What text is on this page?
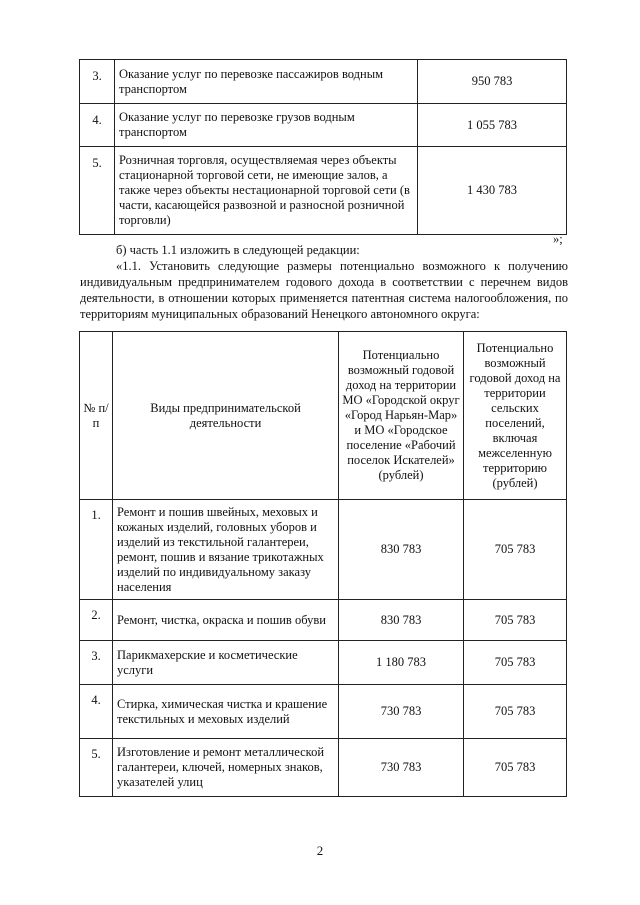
3.	Оказание услуг по перевозке пассажиров водным транспортом	950 783
4.	Оказание услуг по перевозке грузов водным транспортом	1 055 783
5.	Розничная торговля, осуществляемая через объекты стационарной торговой сети, не имеющие залов, а также через объекты нестационарной торговой сети (в части, касающейся развозной и разносной розничной торговли)	1 430 783
»;
б) часть 1.1 изложить в следующей редакции:
«1.1. Установить следующие размеры потенциально возможного к получению индивидуальным предпринимателем годового дохода в соответствии с перечнем видов деятельности, в отношении которых применяется патентная система налогообложения, по территориям муниципальных образований Ненецкого автономного округа:
№ п/п	Виды предпринимательской деятельности	Потенциально возможный годовой доход на территории МО «Городской округ «Город Нарьян-Мар» и МО «Городское поселение «Рабочий поселок Искателей» (рублей)	Потенциально возможный годовой доход на территории сельских поселений, включая межселенную территорию (рублей)
1.	Ремонт и пошив швейных, меховых и кожаных изделий, головных уборов и изделий из текстильной галантереи, ремонт, пошив и вязание трикотажных изделий по индивидуальному заказу населения	830 783	705 783
2.	Ремонт, чистка, окраска и пошив обуви	830 783	705 783
3.	Парикмахерские и косметические услуги	1 180 783	705 783
4.	Стирка, химическая чистка и крашение текстильных и меховых изделий	730 783	705 783
5.	Изготовление и ремонт металлической галантереи, ключей, номерных знаков, указателей улиц	730 783	705 783
2
